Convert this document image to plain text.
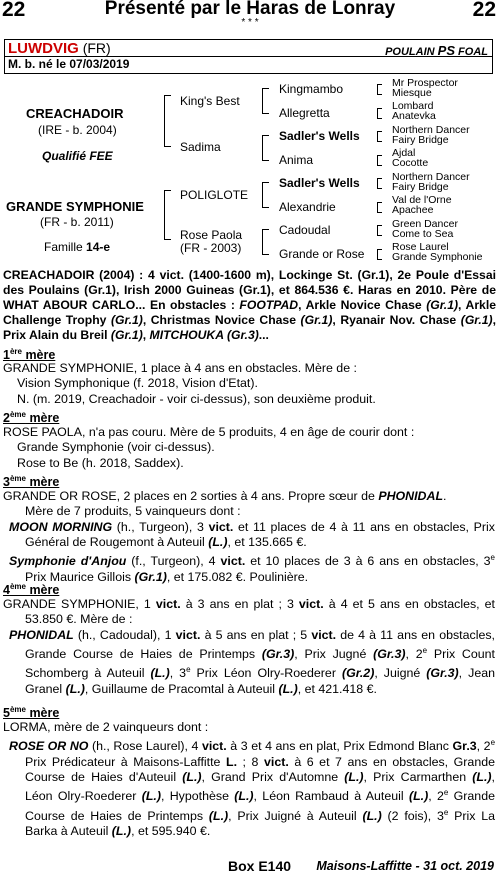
22	Présenté par le Haras de Lonray	22
* * *
LUWDVIG (FR)	POULAIN PS FOAL
M. b. né le 07/03/2019
CREACHADOIR
(IRE - b. 2004)
Qualifié FEE
GRANDE SYMPHONIE
(FR - b. 2011)
Famille 14-e
King's Best
Sadima
POLIGLOTE
Rose Paola
(FR - 2003)
Kingmambo
Allegretta
Sadler's Wells
Anima
Sadler's Wells
Alexandrie
Cadoudal
Grande or Rose
Mr Prospector
Miesque
Lombard
Anatevka
Northern Dancer
Fairy Bridge
Ajdal
Cocotte
Northern Dancer
Fairy Bridge
Val de l'Orne
Apachee
Green Dancer
Come to Sea
Rose Laurel
Grande Symphonie
CREACHADOIR (2004) : 4 vict. (1400-1600 m), Lockinge St. (Gr.1), 2e Poule d'Essai des Poulains (Gr.1), Irish 2000 Guineas (Gr.1), et 864.536 €. Haras en 2010. Père de WHAT ABOUR CARLO... En obstacles : FOOTPAD, Arkle Novice Chase (Gr.1), Arkle Challenge Trophy (Gr.1), Christmas Novice Chase (Gr.1), Ryanair Nov. Chase (Gr.1), Prix Alain du Breil (Gr.1), MITCHOUKA (Gr.3)...
1ère mère
GRANDE SYMPHONIE, 1 place à 4 ans en obstacles. Mère de :
Vision Symphonique (f. 2018, Vision d'Etat).
N. (m. 2019, Creachadoir - voir ci-dessus), son deuxième produit.
2ème mère
ROSE PAOLA, n'a pas couru. Mère de 5 produits, 4 en âge de courir dont :
Grande Symphonie (voir ci-dessus).
Rose to Be (h. 2018, Saddex).
3ème mère
GRANDE OR ROSE, 2 places en 2 sorties à 4 ans. Propre sœur de PHONIDAL.
Mère de 7 produits, 5 vainqueurs dont :
MOON MORNING (h., Turgeon), 3 vict. et 11 places de 4 à 11 ans en obstacles, Prix Général de Rougemont à Auteuil (L.), et 135.665 €.
Symphonie d'Anjou (f., Turgeon), 4 vict. et 10 places de 3 à 6 ans en obstacles, 3e Prix Maurice Gillois (Gr.1), et 175.082 €. Poulinière.
4ème mère
GRANDE SYMPHONIE, 1 vict. à 3 ans en plat ; 3 vict. à 4 et 5 ans en obstacles, et 53.850 €. Mère de :
PHONIDAL (h., Cadoudal), 1 vict. à 5 ans en plat ; 5 vict. de 4 à 11 ans en obstacles, Grande Course de Haies de Printemps (Gr.3), Prix Jugné (Gr.3), 2e Prix Count Schomberg à Auteuil (L.), 3e Prix Léon Olry-Roederer (Gr.2), Juigné (Gr.3), Jean Granel (L.), Guillaume de Pracomtal à Auteuil (L.), et 421.418 €.
5ème mère
LORMA, mère de 2 vainqueurs dont :
ROSE OR NO (h., Rose Laurel), 4 vict. à 3 et 4 ans en plat, Prix Edmond Blanc Gr.3, 2e Prix Prédicateur à Maisons-Laffitte L. ; 8 vict. à 6 et 7 ans en obstacles, Grande Course de Haies d'Auteuil (L.), Grand Prix d'Automne (L.), Prix Carmarthen (L.), Léon Olry-Roederer (L.), Hypothèse (L.), Léon Rambaud à Auteuil (L.), 2e Grande Course de Haies de Printemps (L.), Prix Juigné à Auteuil (L.) (2 fois), 3e Prix La Barka à Auteuil (L.), et 595.940 €.
Box E140 Maisons-Laffitte - 31 oct. 2019
